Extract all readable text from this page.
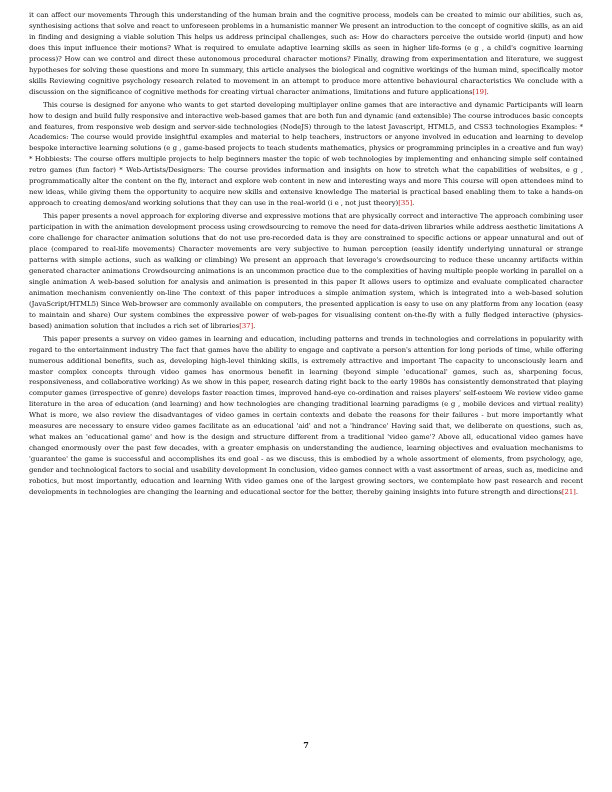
it can affect our movements Through this understanding of the human brain and the cognitive process, models can be created to mimic our abilities, such as, synthesising actions that solve and react to unforeseen problems in a humanistic manner We present an introduction to the concept of cognitive skills, as an aid in finding and designing a viable solution This helps us address principal challenges, such as: How do characters perceive the outside world (input) and how does this input influence their motions? What is required to emulate adaptive learning skills as seen in higher life-forms (e g , a child's cognitive learning process)? How can we control and direct these autonomous procedural character motions? Finally, drawing from experimentation and literature, we suggest hypotheses for solving these questions and more In summary, this article analyses the biological and cognitive workings of the human mind, specifically motor skills Reviewing cognitive psychology research related to movement in an attempt to produce more attentive behavioural characteristics We conclude with a discussion on the significance of cognitive methods for creating virtual character animations, limitations and future applications[19].

This course is designed for anyone who wants to get started developing multiplayer online games that are interactive and dynamic Participants will learn how to design and build fully responsive and interactive web-based games that are both fun and dynamic (and extensible) The course introduces basic concepts and features, from responsive web design and server-side technologies (NodeJS) through to the latest Javascript, HTML5, and CSS3 technologies Examples: * Academics: The course would provide insightful examples and material to help teachers, instructors or anyone involved in education and learning to develop bespoke interactive learning solutions (e g , game-based projects to teach students mathematics, physics or programming principles in a creative and fun way) * Hobbiests: The course offers multiple projects to help beginners master the topic of web technologies by implementing and enhancing simple self contained retro games (fun factor) * Web-Artists/Designers: The course provides information and insights on how to stretch what the capabilities of websites, e g , programmatically alter the content on the fly, interact and explore web content in new and interesting ways and more This course will open attendees mind to new ideas, while giving them the opportunity to acquire new skills and extensive knowledge The material is practical based enabling them to take a hands-on approach to creating demos/and working solutions that they can use in the real-world (i e , not just theory)[35].

This paper presents a novel approach for exploring diverse and expressive motions that are physically correct and interactive The approach combining user participation in with the animation development process using crowdsourcing to remove the need for data-driven libraries while address aesthetic limitations A core challenge for character animation solutions that do not use pre-recorded data is they are constrained to specific actions or appear unnatural and out of place (compared to real-life movements) Character movements are very subjective to human perception (easily identify underlying unnatural or strange patterns with simple actions, such as walking or climbing) We present an approach that leverage's crowdsourcing to reduce these uncanny artifacts within generated character animations Crowdsourcing animations is an uncommon practice due to the complexities of having multiple people working in parallel on a single animation A web-based solution for analysis and animation is presented in this paper It allows users to optimize and evaluate complicated character animation mechanism conveniently on-line The context of this paper introduces a simple animation system, which is integrated into a web-based solution (JavaScript/HTML5) Since Web-browser are commonly available on computers, the presented application is easy to use on any platform from any location (easy to maintain and share) Our system combines the expressive power of web-pages for visualising content on-the-fly with a fully fledged interactive (physics-based) animation solution that includes a rich set of libraries[37].

This paper presents a survey on video games in learning and education, including patterns and trends in technologies and correlations in popularity with regard to the entertainment industry The fact that games have the ability to engage and captivate a person's attention for long periods of time, while offering numerous additional benefits, such as, developing high-level thinking skills, is extremely attractive and important The capacity to unconsciously learn and master complex concepts through video games has enormous benefit in learning (beyond simple 'educational' games, such as, sharpening focus, responsiveness, and collaborative working) As we show in this paper, research dating right back to the early 1980s has consistently demonstrated that playing computer games (irrespective of genre) develops faster reaction times, improved hand-eye co-ordination and raises players' self-esteem We review video game literature in the area of education (and learning) and how technologies are changing traditional learning paradigms (e g , mobile devices and virtual reality) What is more, we also review the disadvantages of video games in certain contexts and debate the reasons for their failures - but more importantly what measures are necessary to ensure video games facilitate as an educational 'aid' and not a 'hindrance' Having said that, we deliberate on questions, such as, what makes an 'educational game' and how is the design and structure different from a traditional 'video game'? Above all, educational video games have changed enormously over the past few decades, with a greater emphasis on understanding the audience, learning objectives and evaluation mechanisms to 'guarantee' the game is successful and accomplishes its end goal - as we discuss, this is embodied by a whole assortment of elements, from psychology, age, gender and technological factors to social and usability development In conclusion, video games connect with a vast assortment of areas, such as, medicine and robotics, but most importantly, education and learning With video games one of the largest growing sectors, we contemplate how past research and recent developments in technologies are changing the learning and educational sector for the better, thereby gaining insights into future strength and directions[21].

7
